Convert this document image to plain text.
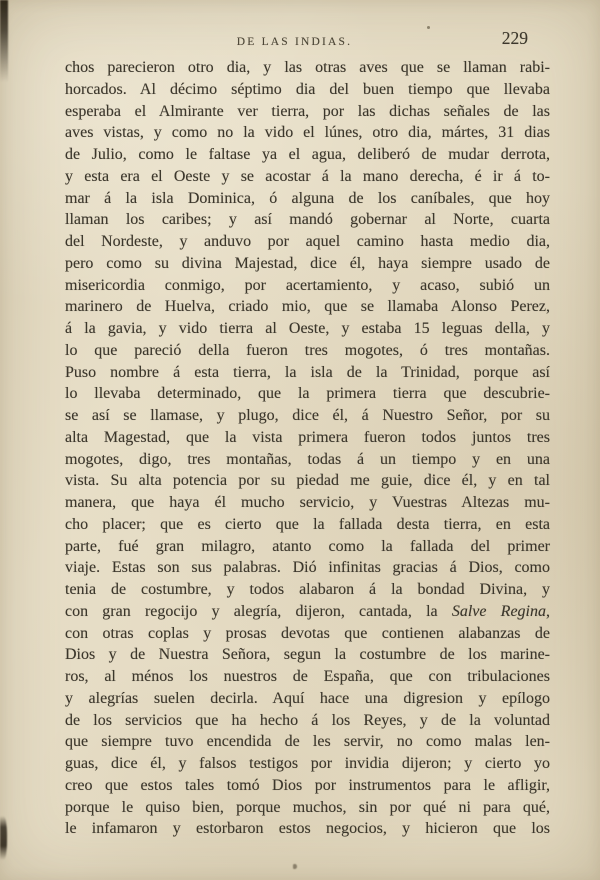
DE LAS INDIAS.	229
chos parecieron otro dia, y las otras aves que se llaman rabi-
horcados. Al décimo séptimo dia del buen tiempo que llevaba
esperaba el Almirante ver tierra, por las dichas señales de las
aves vistas, y como no la vido el lúnes, otro dia, mártes, 31 dias
de Julio, como le faltase ya el agua, deliberó de mudar derrota,
y esta era el Oeste y se acostar á la mano derecha, é ir á to-
mar á la isla Dominica, ó alguna de los caníbales, que hoy
llaman los caribes; y así mandó gobernar al Norte, cuarta
del Nordeste, y anduvo por aquel camino hasta medio dia,
pero como su divina Majestad, dice él, haya siempre usado de
misericordia conmigo, por acertamiento, y acaso, subió un
marinero de Huelva, criado mio, que se llamaba Alonso Perez,
á la gavia, y vido tierra al Oeste, y estaba 15 leguas della, y
lo que pareció della fueron tres mogotes, ó tres montañas.
Puso nombre á esta tierra, la isla de la Trinidad, porque así
lo llevaba determinado, que la primera tierra que descubrie-
se así se llamase, y plugo, dice él, á Nuestro Señor, por su
alta Magestad, que la vista primera fueron todos juntos tres
mogotes, digo, tres montañas, todas á un tiempo y en una
vista. Su alta potencia por su piedad me guie, dice él, y en tal
manera, que haya él mucho servicio, y Vuestras Altezas mu-
cho placer; que es cierto que la fallada desta tierra, en esta
parte, fué gran milagro, atanto como la fallada del primer
viaje. Estas son sus palabras. Dió infinitas gracias á Dios, como
tenia de costumbre, y todos alabaron á la bondad Divina, y
con gran regocijo y alegría, dijeron, cantada, la Salve Regina,
con otras coplas y prosas devotas que contienen alabanzas de
Dios y de Nuestra Señora, segun la costumbre de los marine-
ros, al ménos los nuestros de España, que con tribulaciones
y alegrías suelen decirla. Aquí hace una digresion y epílogo
de los servicios que ha hecho á los Reyes, y de la voluntad
que siempre tuvo encendida de les servir, no como malas len-
guas, dice él, y falsos testigos por invidia dijeron; y cierto yo
creo que estos tales tomó Dios por instrumentos para le afligir,
porque le quiso bien, porque muchos, sin por qué ni para qué,
le infamaron y estorbaron estos negocios, y hicieron que los
